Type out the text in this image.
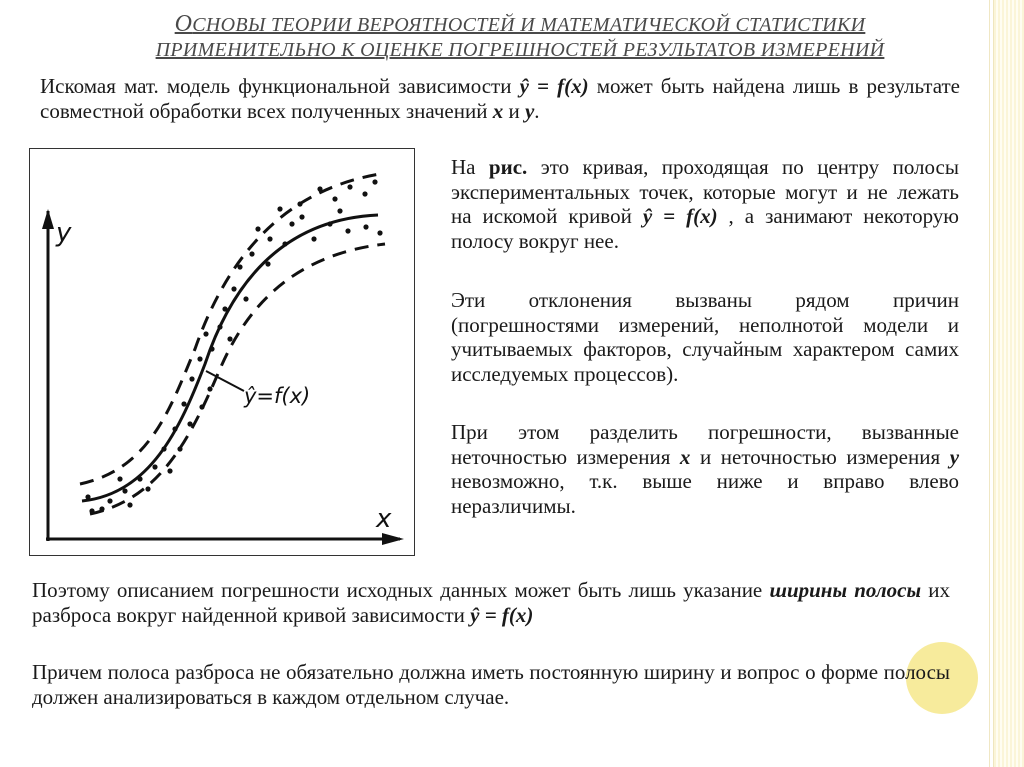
ОСНОВЫ ТЕОРИИ ВЕРОЯТНОСТЕЙ И МАТЕМАТИЧЕСКОЙ СТАТИСТИКИ
ПРИМЕНИТЕЛЬНО К ОЦЕНКЕ ПОГРЕШНОСТЕЙ РЕЗУЛЬТАТОВ ИЗМЕРЕНИЙ

Искомая мат. модель функциональной зависимости ŷ = f(x) может быть найдена лишь в результате совместной обработки всех полученных значений x и y.

y
x
ŷ=f(x)

На рис. это кривая, проходящая по центру полосы экспериментальных точек, которые могут и не лежать на искомой кривой ŷ = f(x) , а занимают некоторую полосу вокруг нее.

Эти отклонения вызваны рядом причин (погрешностями измерений, неполнотой модели и учитываемых факторов, случайным характером самих исследуемых процессов).

При этом разделить погрешности, вызванные неточностью измерения x и неточностью измерения y невозможно, т.к. выше ниже и вправо влево неразличимы.

Поэтому описанием погрешности исходных данных может быть лишь указание ширины полосы их разброса вокруг найденной кривой зависимости ŷ = f(x)

Причем полоса разброса не обязательно должна иметь постоянную ширину и вопрос о форме полосы должен анализироваться в каждом отдельном случае.
